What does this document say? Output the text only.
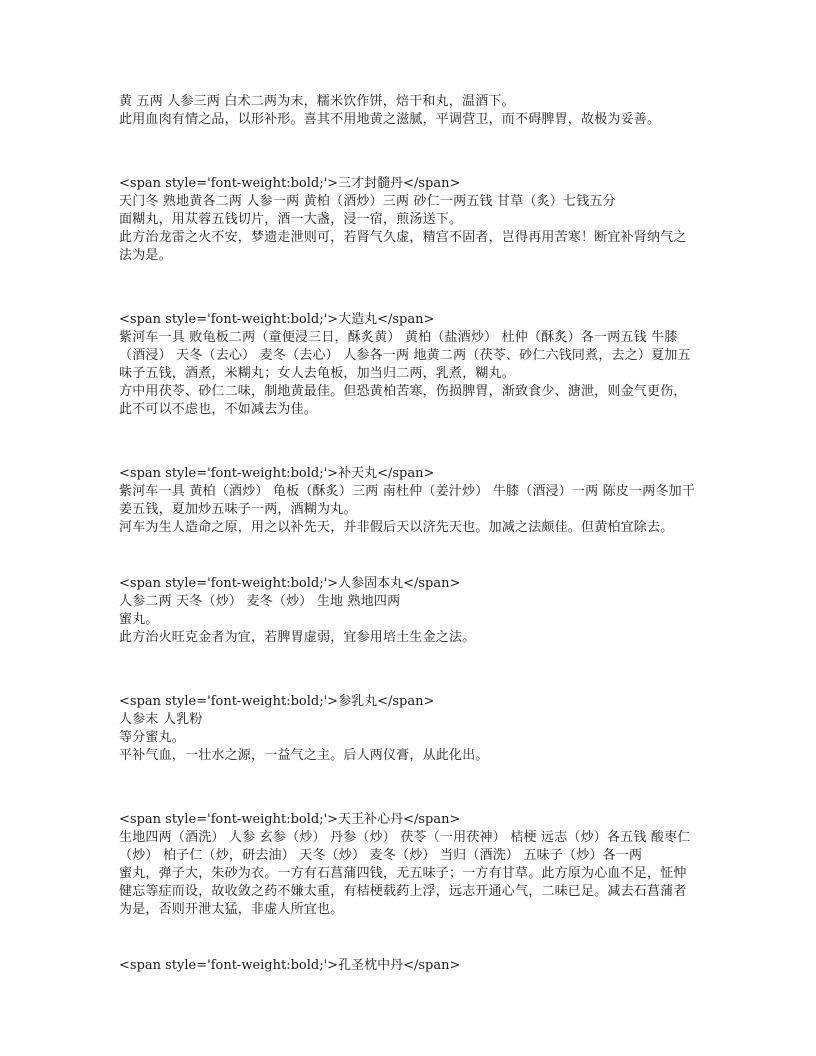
黄 五两 人参三两 白术二两为末，糯米饮作饼，焙干和丸，温酒下。
此用血肉有情之品，以形补形。喜其不用地黄之滋腻，平调营卫，而不碍脾胃，故极为妥善。
<span style='font-weight:bold;'>三才封髓丹</span>
天门冬 熟地黄各二两 人参一两 黄柏（酒炒）三两 砂仁一两五钱 甘草（炙）七钱五分
面糊丸，用苁蓉五钱切片，酒一大盏，浸一宿，煎汤送下。
此方治龙雷之火不安，梦遗走泄则可，若肾气久虚，精宫不固者，岂得再用苦寒！断宜补肾纳气之法为是。
<span style='font-weight:bold;'>大造丸</span>
紫河车一具 败龟板二两（童便浸三日，酥炙黄） 黄柏（盐酒炒） 杜仲（酥炙）各一两五钱 牛膝（酒浸） 天冬（去心） 麦冬（去心） 人参各一两 地黄二两（茯苓、砂仁六钱同煮，去之）夏加五味子五钱，酒煮，米糊丸；女人去龟板，加当归二两，乳煮，糊丸。
方中用茯苓、砂仁二味，制地黄最佳。但恐黄柏苦寒，伤损脾胃，渐致食少、溏泄，则金气更伤，此不可以不虑也，不如减去为佳。
<span style='font-weight:bold;'>补天丸</span>
紫河车一具 黄柏（酒炒） 龟板（酥炙）三两 南杜仲（姜汁炒） 牛膝（酒浸）一两 陈皮一两冬加干姜五钱，夏加炒五味子一两，酒糊为丸。
河车为生人造命之原，用之以补先天，并非假后天以济先天也。加减之法颇佳。但黄柏宜除去。
<span style='font-weight:bold;'>人参固本丸</span>
人参二两 天冬（炒） 麦冬（炒） 生地 熟地四两
蜜丸。
此方治火旺克金者为宜，若脾胃虚弱，宜参用培土生金之法。
<span style='font-weight:bold;'>参乳丸</span>
人参末 人乳粉
等分蜜丸。
平补气血，一壮水之源，一益气之主。后人两仪膏，从此化出。
<span style='font-weight:bold;'>天王补心丹</span>
生地四两（酒洗） 人参 玄参（炒） 丹参（炒） 茯苓（一用茯神） 桔梗 远志（炒）各五钱 酸枣仁（炒） 柏子仁（炒，研去油） 天冬（炒） 麦冬（炒） 当归（酒洗） 五味子（炒）各一两
蜜丸，弹子大，朱砂为衣。一方有石菖蒲四钱，无五味子；一方有甘草。此方原为心血不足，怔忡健忘等症而设，故收敛之药不嫌太重，有桔梗载药上浮，远志开通心气，二味已足。减去石菖蒲者为是，否则开泄太猛，非虚人所宜也。
<span style='font-weight:bold;'>孔圣枕中丹</span>
